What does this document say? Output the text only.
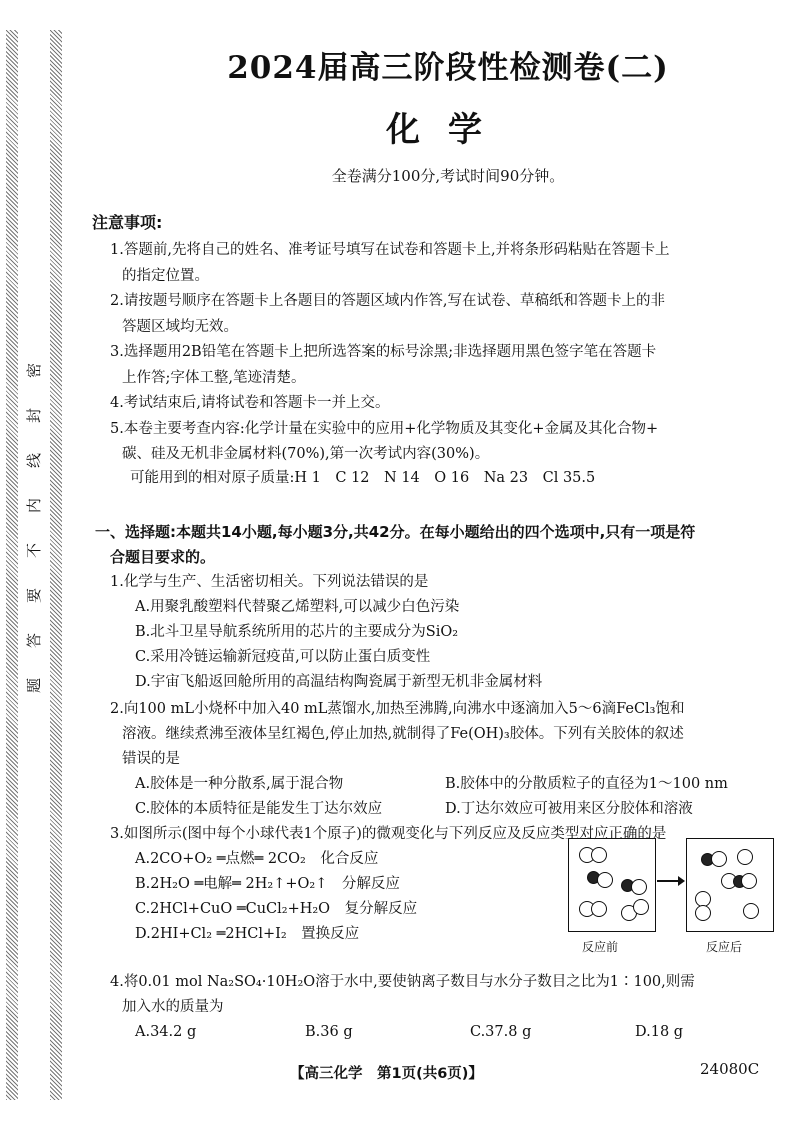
密
封
线
内
不
要
答
题
2024届高三阶段性检测卷(二)
化学
全卷满分100分,考试时间90分钟。
注意事项:
1.答题前,先将自己的姓名、准考证号填写在试卷和答题卡上,并将条形码粘贴在答题卡上
的指定位置。
2.请按题号顺序在答题卡上各题目的答题区域内作答,写在试卷、草稿纸和答题卡上的非
答题区域均无效。
3.选择题用2B铅笔在答题卡上把所选答案的标号涂黑;非选择题用黑色签字笔在答题卡
上作答;字体工整,笔迹清楚。
4.考试结束后,请将试卷和答题卡一并上交。
5.本卷主要考查内容:化学计量在实验中的应用+化学物质及其变化+金属及其化合物+
碳、硅及无机非金属材料(70%),第一次考试内容(30%)。
可能用到的相对原子质量:H 1　C 12　N 14　O 16　Na 23　Cl 35.5
一、选择题:本题共14小题,每小题3分,共42分。在每小题给出的四个选项中,只有一项是符
合题目要求的。
1.化学与生产、生活密切相关。下列说法错误的是
A.用聚乳酸塑料代替聚乙烯塑料,可以减少白色污染
B.北斗卫星导航系统所用的芯片的主要成分为SiO₂
C.采用冷链运输新冠疫苗,可以防止蛋白质变性
D.宇宙飞船返回舱所用的高温结构陶瓷属于新型无机非金属材料
2.向100 mL小烧杯中加入40 mL蒸馏水,加热至沸腾,向沸水中逐滴加入5～6滴FeCl₃饱和
溶液。继续煮沸至液体呈红褐色,停止加热,就制得了Fe(OH)₃胶体。下列有关胶体的叙述
错误的是
A.胶体是一种分散系,属于混合物	B.胶体中的分散质粒子的直径为1～100 nm
C.胶体的本质特征是能发生丁达尔效应	D.丁达尔效应可被用来区分胶体和溶液
3.如图所示(图中每个小球代表1个原子)的微观变化与下列反应及反应类型对应正确的是
A.2CO+O₂ ═点燃═ 2CO₂　化合反应
B.2H₂O ═电解═ 2H₂↑+O₂↑　分解反应
C.2HCl+CuO ═CuCl₂+H₂O　复分解反应
D.2HI+Cl₂ ═2HCl+I₂　置换反应
反应前	反应后
4.将0.01 mol Na₂SO₄·10H₂O溶于水中,要使钠离子数目与水分子数目之比为1∶100,则需
加入水的质量为
A.34.2 g	B.36 g	C.37.8 g	D.18 g
【高三化学　第1页(共6页)】	24080C
